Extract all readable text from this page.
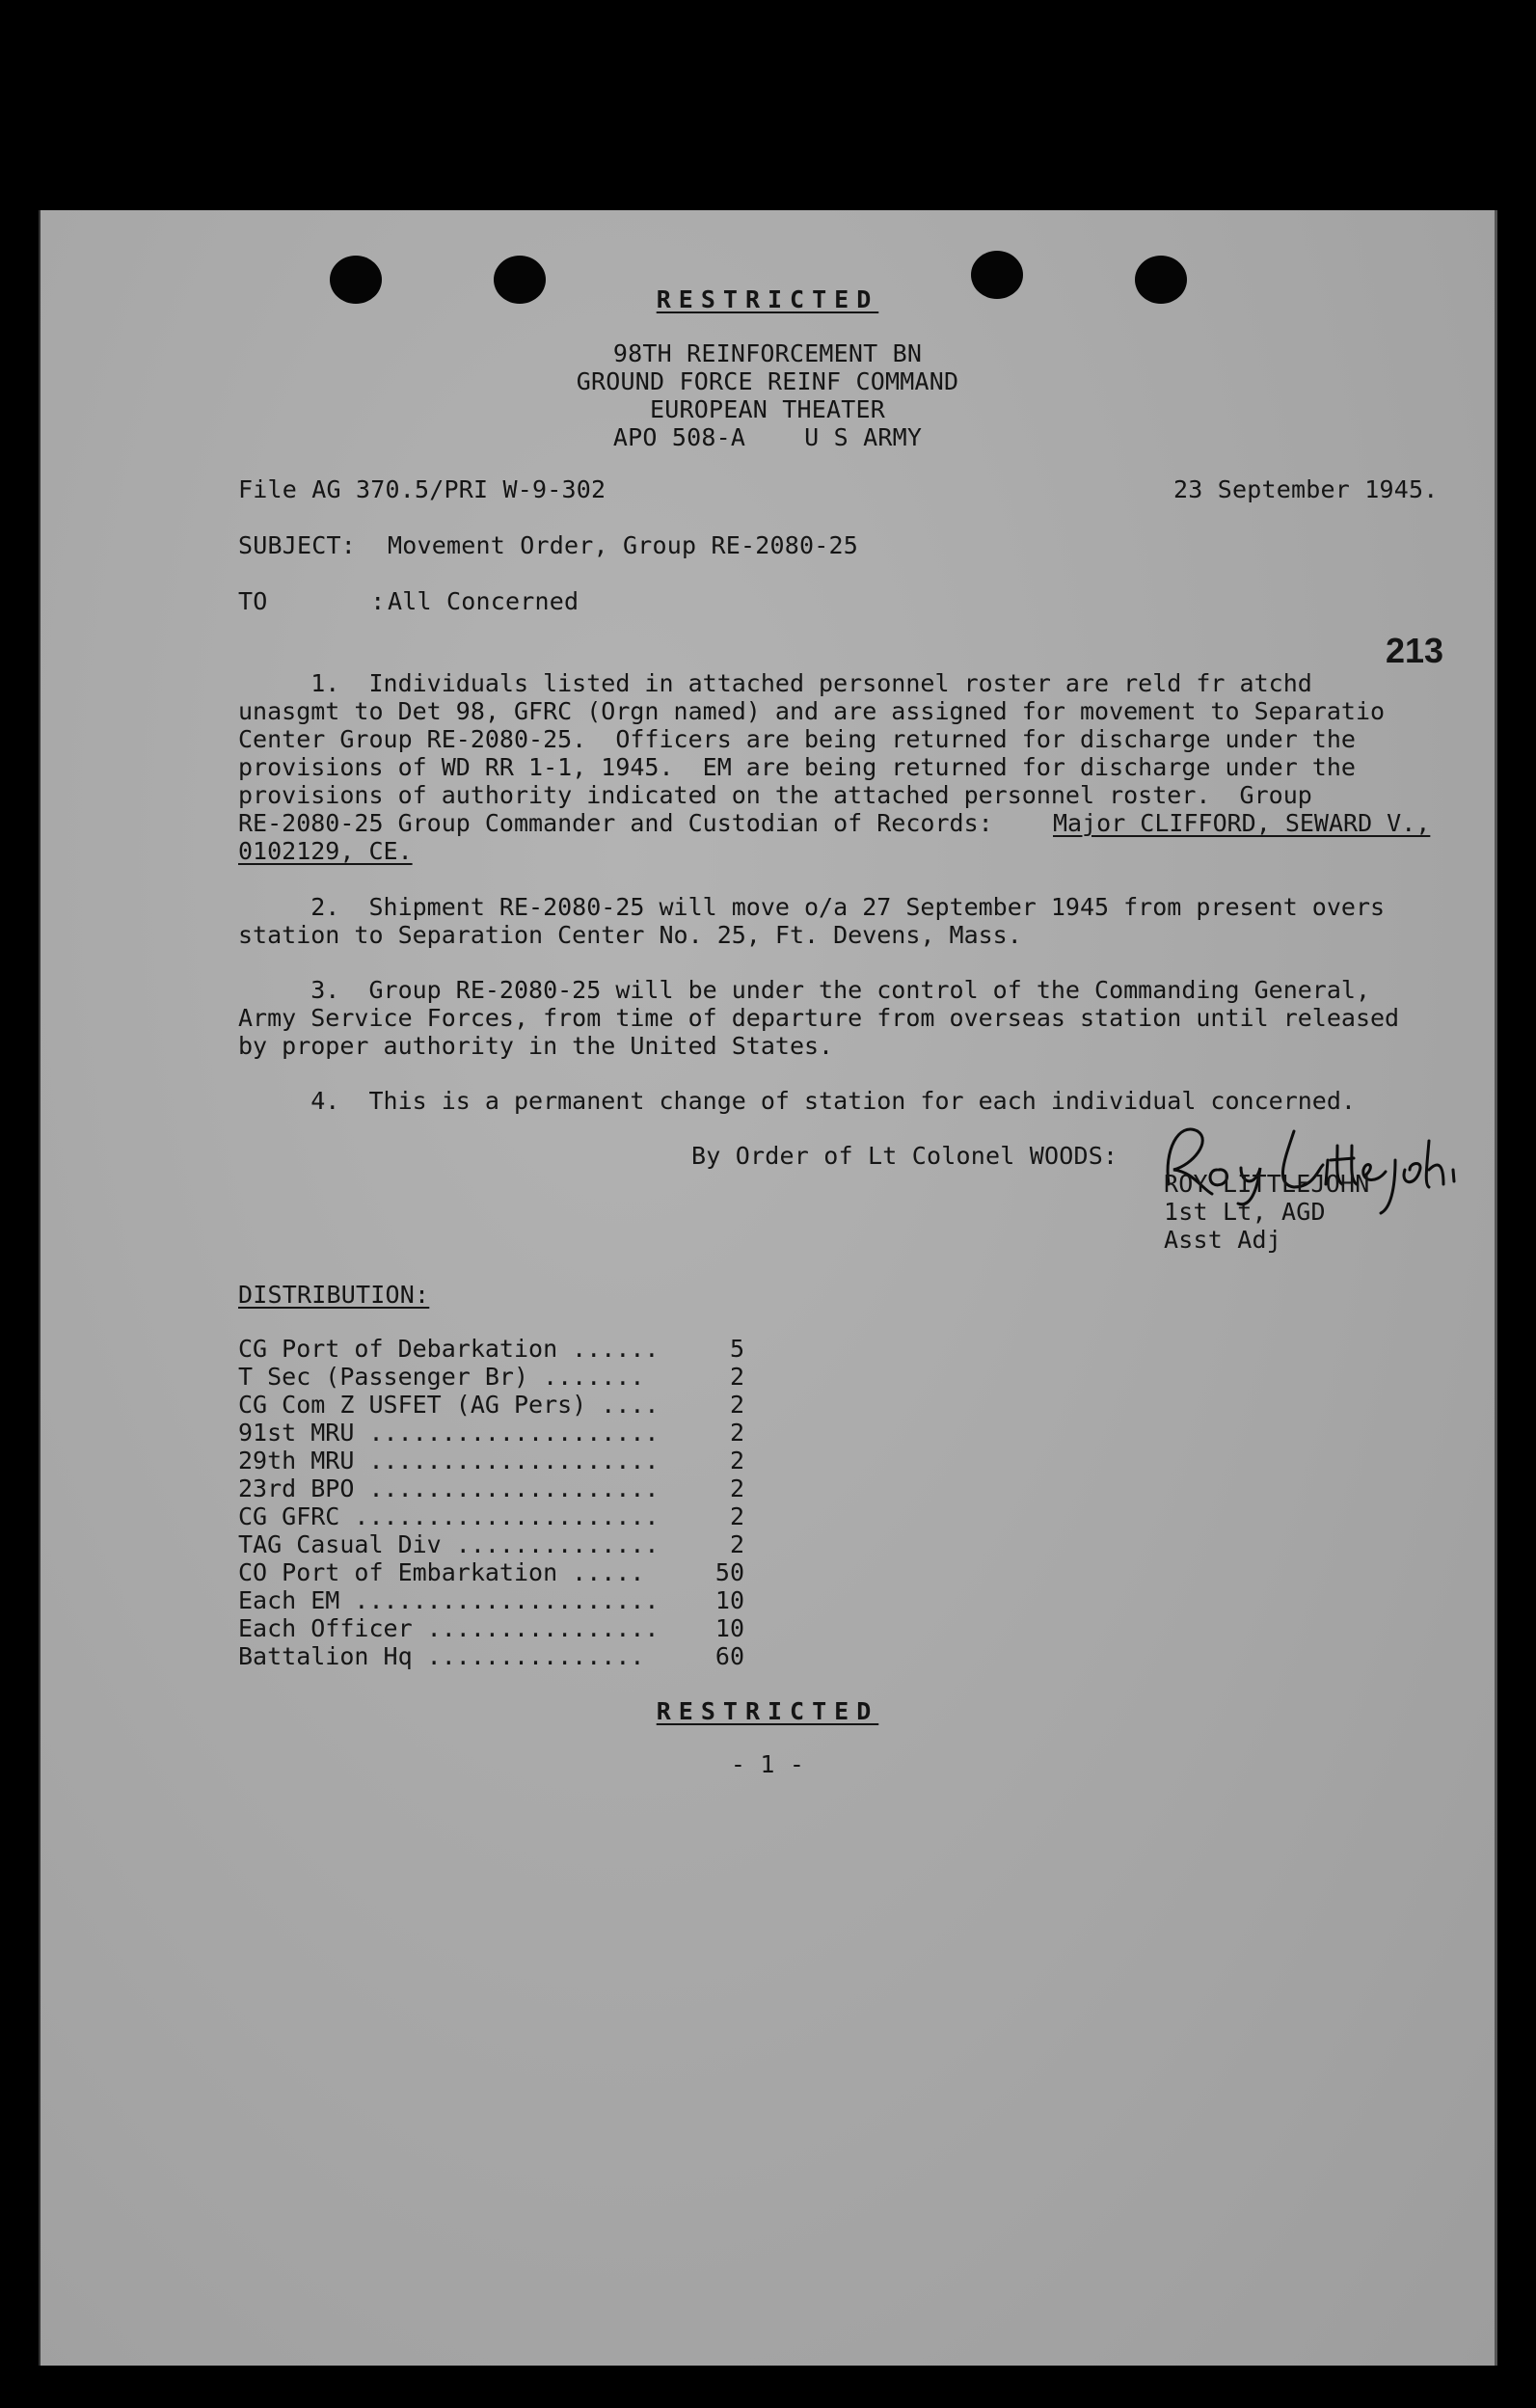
RESTRICTED
98TH REINFORCEMENT BN
GROUND FORCE REINF COMMAND
EUROPEAN THEATER
APO 508-A    U S ARMY
File AG 370.5/PRI W-9-302	23 September 1945.
SUBJECT: Movement Order, Group RE-2080-25
TO       : All Concerned
213
1.  Individuals listed in attached personnel roster are reld fr atchd
unasgmt to Det 98, GFRC (Orgn named) and are assigned for movement to Separatio
Center Group RE-2080-25.  Officers are being returned for discharge under the
provisions of WD RR 1-1, 1945.  EM are being returned for discharge under the
provisions of authority indicated on the attached personnel roster.  Group
RE-2080-25 Group Commander and Custodian of Records: Major CLIFFORD, SEWARD V.,
0102129, CE.
2.  Shipment RE-2080-25 will move o/a 27 September 1945 from present overs
station to Separation Center No. 25, Ft. Devens, Mass.
3.  Group RE-2080-25 will be under the control of the Commanding General,
Army Service Forces, from time of departure from overseas station until released
by proper authority in the United States.
4.  This is a permanent change of station for each individual concerned.
By Order of Lt Colonel WOODS:
ROY LITTLEJOHN
1st Lt, AGD
Asst Adj
DISTRIBUTION:
CG Port of Debarkation ......	5
T Sec (Passenger Br) .......	2
CG Com Z USFET (AG Pers) ....	2
91st MRU ....................	2
29th MRU ....................	2
23rd BPO ....................	2
CG GFRC .....................	2
TAG Casual Div ..............	2
CO Port of Embarkation .....	50
Each EM .....................	10
Each Officer ................	10
Battalion Hq ...............	60
RESTRICTED
- 1 -
